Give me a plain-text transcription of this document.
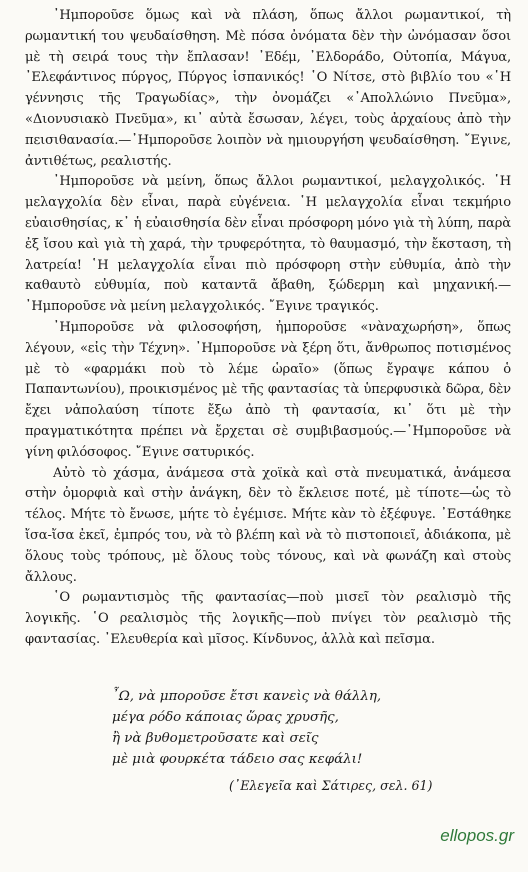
᾿Ημποροῦσε ὅμως καὶ νὰ πλάση, ὅπως ἄλλοι ρωμαντικοί, τὴ ρωμαντική του ψευδαίσθηση. Μὲ πόσα ὀνόματα δὲν τὴν ὠνόμασαν ὅσοι μὲ τὴ σειρά τους τὴν ἔπλασαν! ᾿Εδέμ, ᾿Ελδοράδο, Οὐτοπία, Μάγυα, ᾿Ελεφάντινος πύργος, Πύργος ἰσπανικός! ῾Ο Νίτσε, στὸ βιβλίο του «῾Η γέννησις τῆς Τραγωδίας», τὴν ὀνομάζει «᾿Απολλώνιο Πνεῦμα», «Διονυσιακὸ Πνεῦμα», κι᾿ αὐτὰ ἔσωσαν, λέγει, τοὺς ἀρχαίους ἀπὸ τὴν πεισιθανασία.—᾿Ημποροῦσε λοιπὸν νὰ ημιουργήση ψευδαίσθηση. ῎Εγινε, ἀντιθέτως, ρεαλιστής.

᾿Ημποροῦσε νὰ μείνη, ὅπως ἄλλοι ρωμαντικοί, μελαγχολικός. ῾Η μελαγχολία δὲν εἶναι, παρὰ εὐγένεια. ῾Η μελαγχολία εἶναι τεκμήριο εὐαισθησίας, κ᾿ ἡ εὐαισθησία δὲν εἶναι πρόσφορη μόνο γιὰ τὴ λύπη, παρὰ ἐξ ἴσου καὶ γιὰ τὴ χαρά, τὴν τρυφερότητα, τὸ θαυμασμό, τὴν ἔκσταση, τὴ λατρεία! ῾Η μελαγχολία εἶναι πιὸ πρόσφορη στὴν εὐθυμία, ἀπὸ τὴν καθαυτὸ εὐθυμία, ποὺ καταντᾶ ἄβαθη, ξώδερμη καὶ μηχανική.—᾿Ημποροῦσε νὰ μείνη μελαγχολικός. ῎Εγινε τραγικός.

᾿Ημποροῦσε νὰ φιλοσοφήση, ἠμποροῦσε «νὰναχωρήση», ὅπως λέγουν, «εἰς τὴν Τέχνη». ᾿Ημποροῦσε νὰ ξέρη ὅτι, ἄνθρωπος ποτισμένος μὲ τὸ «φαρμάκι ποὺ τὸ λέμε ὡραῖο» (ὅπως ἔγραψε κάπου ὁ Παπαντωνίου), προικισμένος μὲ τῆς φαντασίας τὰ ὑπερφυσικὰ δῶρα, δὲν ἔχει νἀπολαύση τίποτε ἔξω ἀπὸ τὴ φαντασία, κι᾿ ὅτι μὲ τὴν πραγματικότητα πρέπει νὰ ἔρχεται σὲ συμβιβασμούς.—᾿Ημποροῦσε νὰ γίνη φιλόσοφος. ῎Εγινε σατυρικός.

Αὐτὸ τὸ χάσμα, ἀνάμεσα στὰ χοϊκὰ καὶ στὰ πνευματικά, ἀνάμεσα στὴν ὀμορφιὰ καὶ στὴν ἀνάγκη, δὲν τὸ ἔκλεισε ποτέ, μὲ τίποτε—ὡς τὸ τέλος. Μήτε τὸ ἔνωσε, μήτε τὸ ἐγέμισε. Μήτε κὰν τὸ ἐξέφυγε. ᾿Εστάθηκε ἴσα-ἴσα ἐκεῖ, ἐμπρός του, νὰ τὸ βλέπη καὶ νὰ τὸ πιστοποιεῖ, ἀδιάκοπα, μὲ ὅλους τοὺς τρόπους, μὲ ὅλους τοὺς τόνους, καὶ νὰ φωνάζη καὶ στοὺς ἄλλους.

῾Ο ρωμαντισμὸς τῆς φαντασίας—ποὺ μισεῖ τὸν ρεαλισμὸ τῆς λογικῆς. ῾Ο ρεαλισμὸς τῆς λογικῆς—ποὺ πνίγει τὸν ρεαλισμὸ τῆς φαντασίας. ᾿Ελευθερία καὶ μῖσος. Κίνδυνος, ἀλλὰ καὶ πεῖσμα.

῏Ω, νὰ μποροῦσε ἔτσι κανεὶς νὰ θάλλη,

μέγα ρόδο κάποιας ὥρας χρυσῆς,

ἢ νὰ βυθομετροῦσατε καὶ σεῖς

μὲ μιὰ φουρκέτα τάδειο σας κεφάλι!

(᾿Ελεγεῖα καὶ Σάτιρες, σελ. 61)
ellopos.gr
